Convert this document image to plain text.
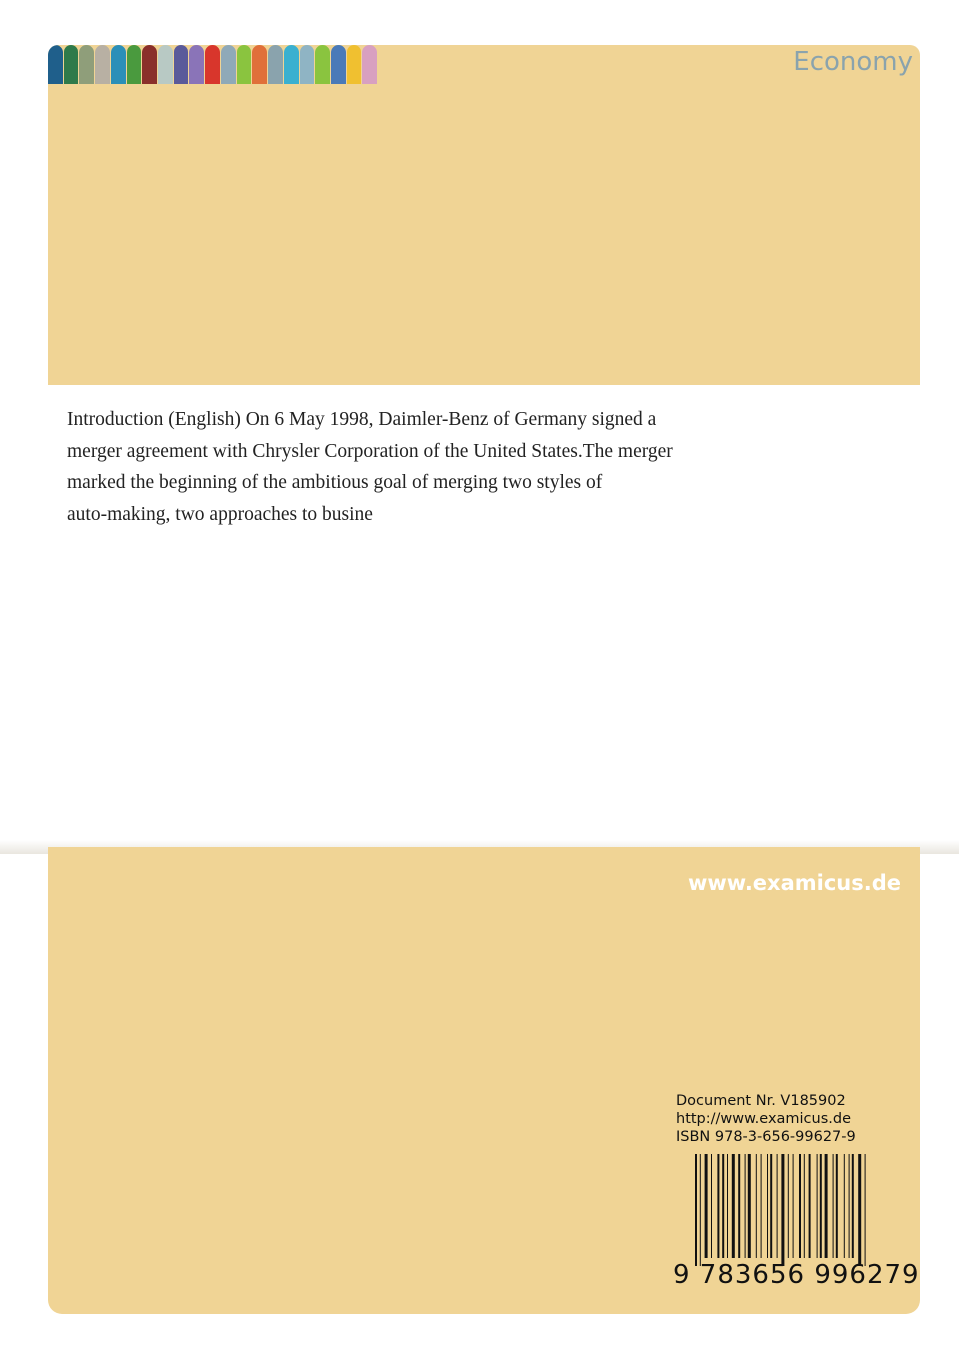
Economy
Introduction (English) On 6 May 1998, Daimler-Benz of Germany signed a
merger agreement with Chrysler Corporation of the United States.The merger
marked the beginning of the ambitious goal of merging two styles of
auto-making, two approaches to busine
www.examicus.de
Document Nr. V185902
http://www.examicus.de
ISBN 978-3-656-99627-9
9 783656 996279
